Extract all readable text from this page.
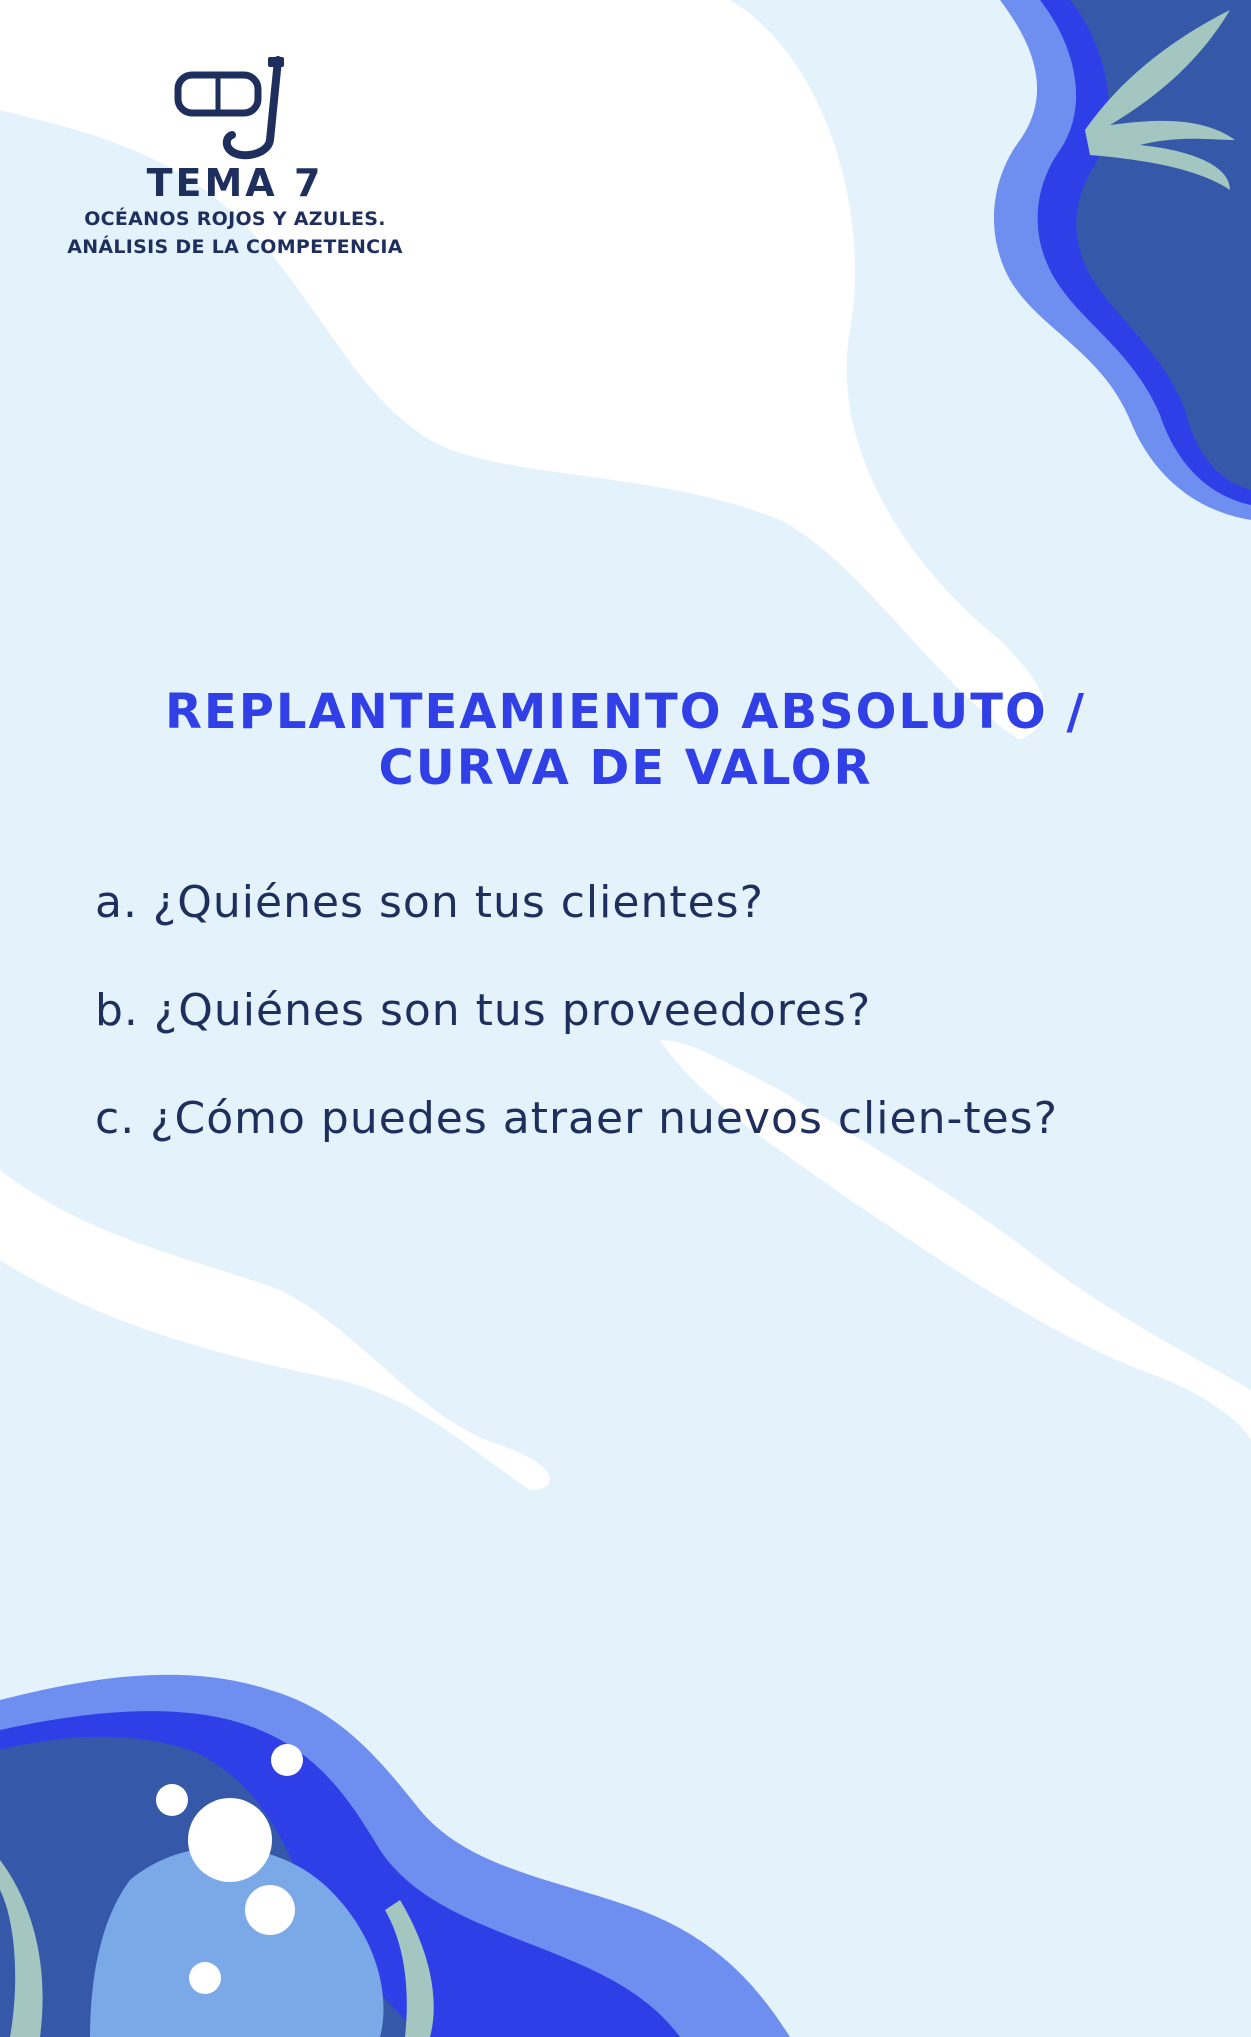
TEMA 7
OCÉANOS ROJOS Y AZULES.
ANÁLISIS DE LA COMPETENCIA
REPLANTEAMIENTO ABSOLUTO /
CURVA DE VALOR

a. ¿Quiénes son tus clientes?

b. ¿Quiénes son tus proveedores?

c. ¿Cómo puedes atraer nuevos clien-tes?
